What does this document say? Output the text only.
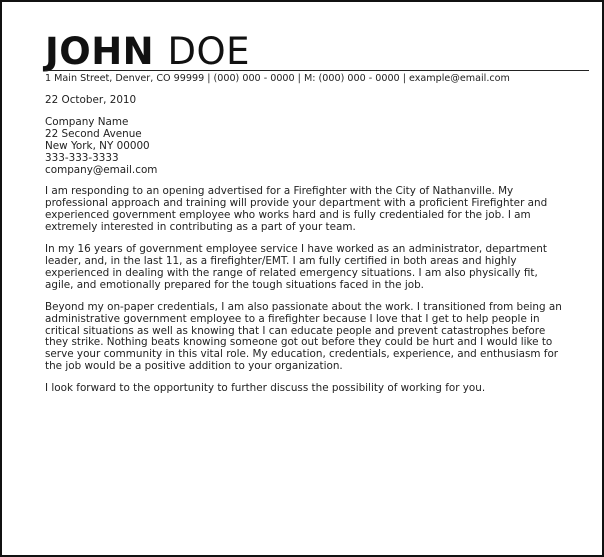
JOHN DOE
1 Main Street, Denver, CO 99999 | (000) 000 - 0000 | M: (000) 000 - 0000 | example@email.com

22 October, 2010

Company Name
22 Second Avenue
New York, NY 00000
333-333-3333
company@email.com

I am responding to an opening advertised for a Firefighter with the City of Nathanville. My professional approach and training will provide your department with a proficient Firefighter and experienced government employee who works hard and is fully credentialed for the job. I am extremely interested in contributing as a part of your team.

In my 16 years of government employee service I have worked as an administrator, department leader, and, in the last 11, as a firefighter/EMT. I am fully certified in both areas and highly experienced in dealing with the range of related emergency situations. I am also physically fit, agile, and emotionally prepared for the tough situations faced in the job.

Beyond my on-paper credentials, I am also passionate about the work. I transitioned from being an administrative government employee to a firefighter because I love that I get to help people in critical situations as well as knowing that I can educate people and prevent catastrophes before they strike. Nothing beats knowing someone got out before they could be hurt and I would like to serve your community in this vital role. My education, credentials, experience, and enthusiasm for the job would be a positive addition to your organization.

I look forward to the opportunity to further discuss the possibility of working for you.
